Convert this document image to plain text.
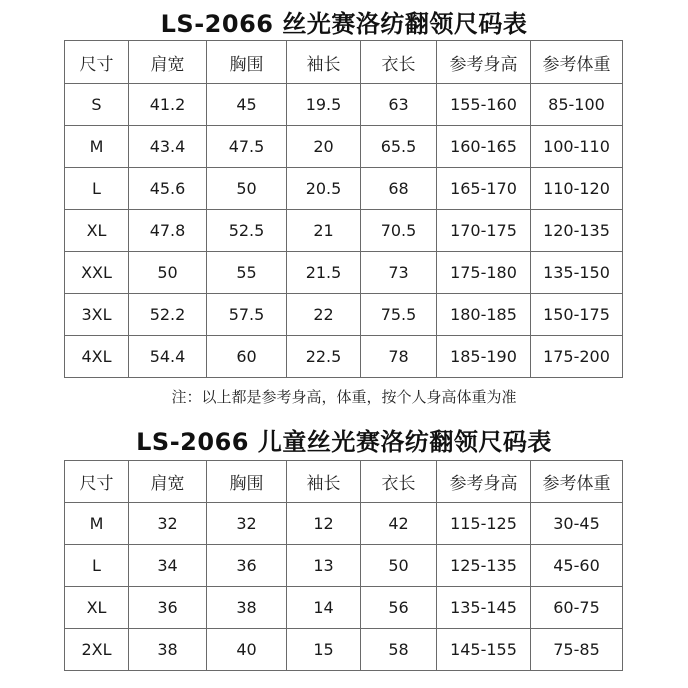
LS-2066 丝光赛洛纺翻领尺码表
尺寸	肩宽	胸围	袖长	衣长	参考身高	参考体重
S	41.2	45	19.5	63	155-160	85-100
M	43.4	47.5	20	65.5	160-165	100-110
L	45.6	50	20.5	68	165-170	110-120
XL	47.8	52.5	21	70.5	170-175	120-135
XXL	50	55	21.5	73	175-180	135-150
3XL	52.2	57.5	22	75.5	180-185	150-175
4XL	54.4	60	22.5	78	185-190	175-200
注：以上都是参考身高，体重，按个人身高体重为准
LS-2066 儿童丝光赛洛纺翻领尺码表
尺寸	肩宽	胸围	袖长	衣长	参考身高	参考体重
M	32	32	12	42	115-125	30-45
L	34	36	13	50	125-135	45-60
XL	36	38	14	56	135-145	60-75
2XL	38	40	15	58	145-155	75-85
